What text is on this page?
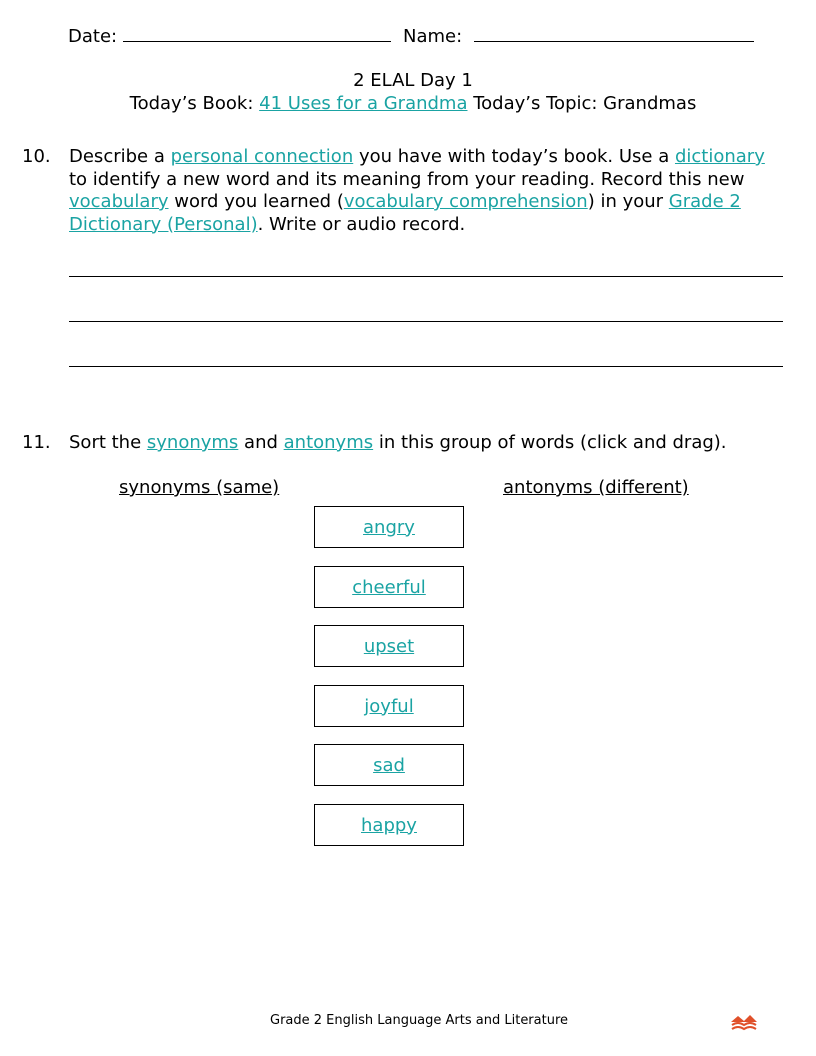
Date:	Name:
2 ELAL Day 1
Today’s Book: 41 Uses for a Grandma Today’s Topic: Grandmas
10. Describe a personal connection you have with today’s book. Use a dictionary to identify a new word and its meaning from your reading. Record this new vocabulary word you learned (vocabulary comprehension) in your Grade 2 Dictionary (Personal). Write or audio record.
11. Sort the synonyms and antonyms in this group of words (click and drag).
synonyms (same)	antonyms (different)
angry
cheerful
upset
joyful
sad
happy
Grade 2 English Language Arts and Literature
